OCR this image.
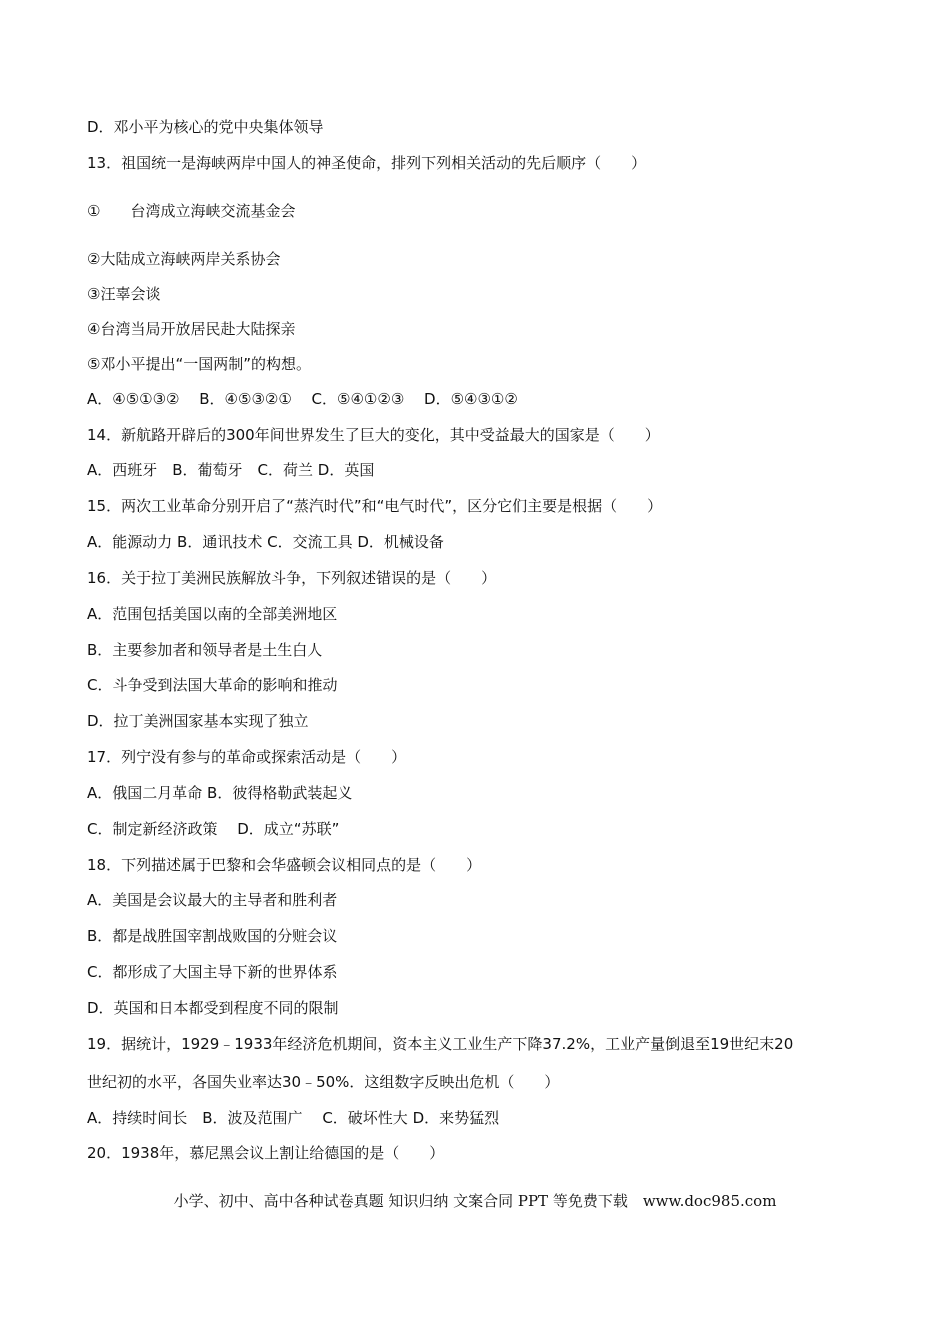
D．邓小平为核心的党中央集体领导

13．祖国统一是海峡两岸中国人的神圣使命，排列下列相关活动的先后顺序（　　）

①　　台湾成立海峡交流基金会

②大陆成立海峡两岸关系协会

③汪辜会谈

④台湾当局开放居民赴大陆探亲

⑤邓小平提出“一国两制”的构想。

A．④⑤①③②　 B．④⑤③②①　 C．⑤④①②③　 D．⑤④③①②

14．新航路开辟后的300年间世界发生了巨大的变化，其中受益最大的国家是（　　）

A．西班牙　B．葡萄牙　C．荷兰 D．英国

15．两次工业革命分别开启了“蒸汽时代”和“电气时代”，区分它们主要是根据（　　）

A．能源动力 B．通讯技术 C．交流工具 D．机械设备

16．关于拉丁美洲民族解放斗争，下列叙述错误的是（　　）

A．范围包括美国以南的全部美洲地区

B．主要参加者和领导者是土生白人

C．斗争受到法国大革命的影响和推动

D．拉丁美洲国家基本实现了独立

17．列宁没有参与的革命或探索活动是（　　）

A．俄国二月革命 B．彼得格勒武装起义

C．制定新经济政策　 D．成立“苏联”

18．下列描述属于巴黎和会华盛顿会议相同点的是（　　）

A．美国是会议最大的主导者和胜利者

B．都是战胜国宰割战败国的分赃会议

C．都形成了大国主导下新的世界体系

D．英国和日本都受到程度不同的限制

19．据统计，1929﹣1933年经济危机期间，资本主义工业生产下降37.2%，工业产量倒退至19世纪末20

世纪初的水平，各国失业率达30﹣50%．这组数字反映出危机（　　）

A．持续时间长　B．波及范围广　 C．破坏性大 D．来势猛烈

20．1938年，慕尼黑会议上割让给德国的是（　　）

小学、初中、高中各种试卷真题 知识归纳 文案合同 PPT 等免费下载　www.doc985.com
